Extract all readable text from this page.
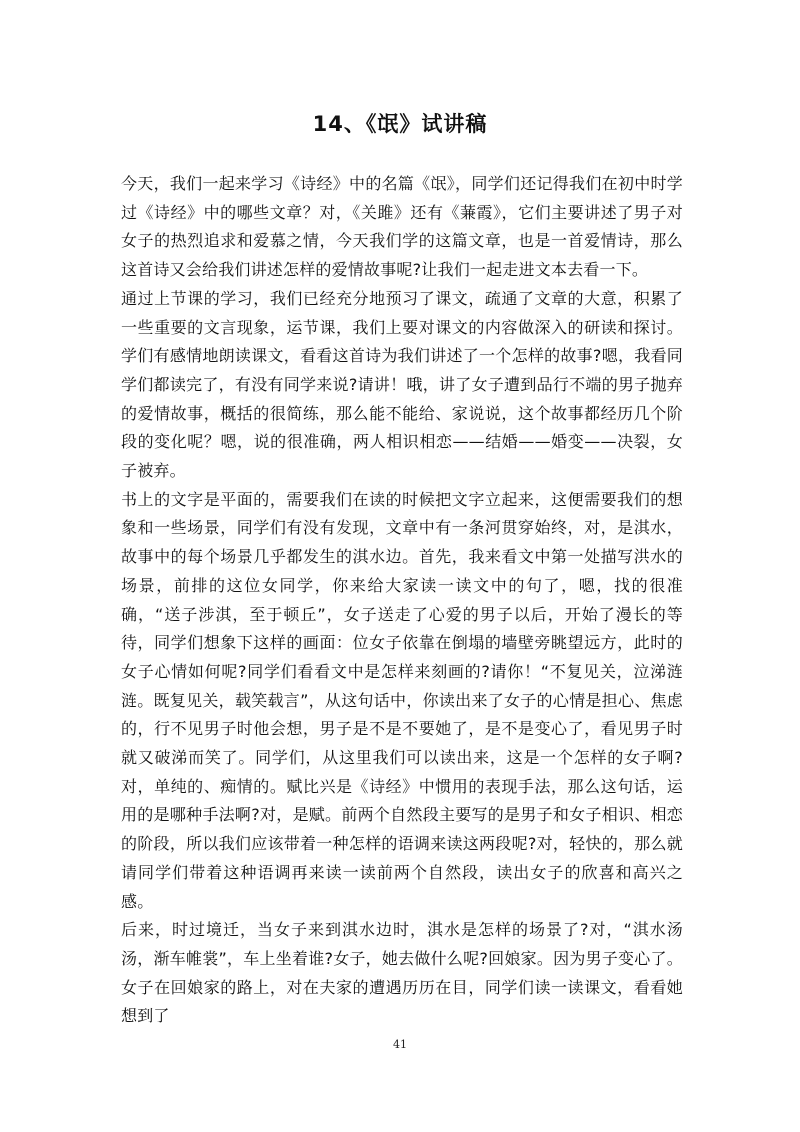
14、《氓》试讲稿

今天，我们一起来学习《诗经》中的名篇《氓》，同学们还记得我们在初中时学过《诗经》中的哪些文章？对，《关雎》还有《蒹霞》，它们主要讲述了男子对女子的热烈追求和爱慕之情，今天我们学的这篇文章，也是一首爱情诗，那么这首诗又会给我们讲述怎样的爱情故事呢?让我们一起走进文本去看一下。

通过上节课的学习，我们已经充分地预习了课文，疏通了文章的大意，积累了一些重要的文言现象，运节课，我们上要对课文的内容做深入的研读和探讨。学们有感情地朗读课文，看看这首诗为我们讲述了一个怎样的故事?嗯，我看同学们都读完了，有没有同学来说?请讲！哦，讲了女子遭到品行不端的男子抛弃的爱情故事，概括的很简练，那么能不能给、家说说，这个故事都经历几个阶段的变化呢？嗯，说的很准确，两人相识相恋——结婚——婚变——决裂，女子被弃。

书上的文字是平面的，需要我们在读的时候把文字立起来，这便需要我们的想象和一些场景，同学们有没有发现，文章中有一条河贯穿始终，对，是淇水，故事中的每个场景几乎都发生的淇水边。首先，我来看文中第一处描写洪水的场景，前排的这位女同学，你来给大家读一读文中的句了，嗯，找的很准确，“送子涉淇，至于顿丘”，女子送走了心爱的男子以后，开始了漫长的等待，同学们想象下这样的画面：位女子依靠在倒塌的墙壁旁眺望远方，此时的女子心情如何呢?同学们看看文中是怎样来刻画的?请你！“不复见关，泣涕涟涟。既复见关，载笑载言”，从这句话中，你读出来了女子的心情是担心、焦虑的，行不见男子时他会想，男子是不是不要她了，是不是变心了，看见男子时就又破涕而笑了。同学们，从这里我们可以读出来，这是一个怎样的女子啊?对，单纯的、痴情的。赋比兴是《诗经》中惯用的表现手法，那么这句话，运用的是哪种手法啊?对，是赋。前两个自然段主要写的是男子和女子相识、相恋的阶段，所以我们应该带着一种怎样的语调来读这两段呢?对，轻快的，那么就请同学们带着这种语调再来读一读前两个自然段，读出女子的欣喜和高兴之感。

后来，时过境迁，当女子来到淇水边时，淇水是怎样的场景了?对，“淇水汤汤，渐车帷裳”，车上坐着谁?女子，她去做什么呢?回娘家。因为男子变心了。女子在回娘家的路上，对在夫家的遭遇历历在目，同学们读一读课文，看看她想到了

41
